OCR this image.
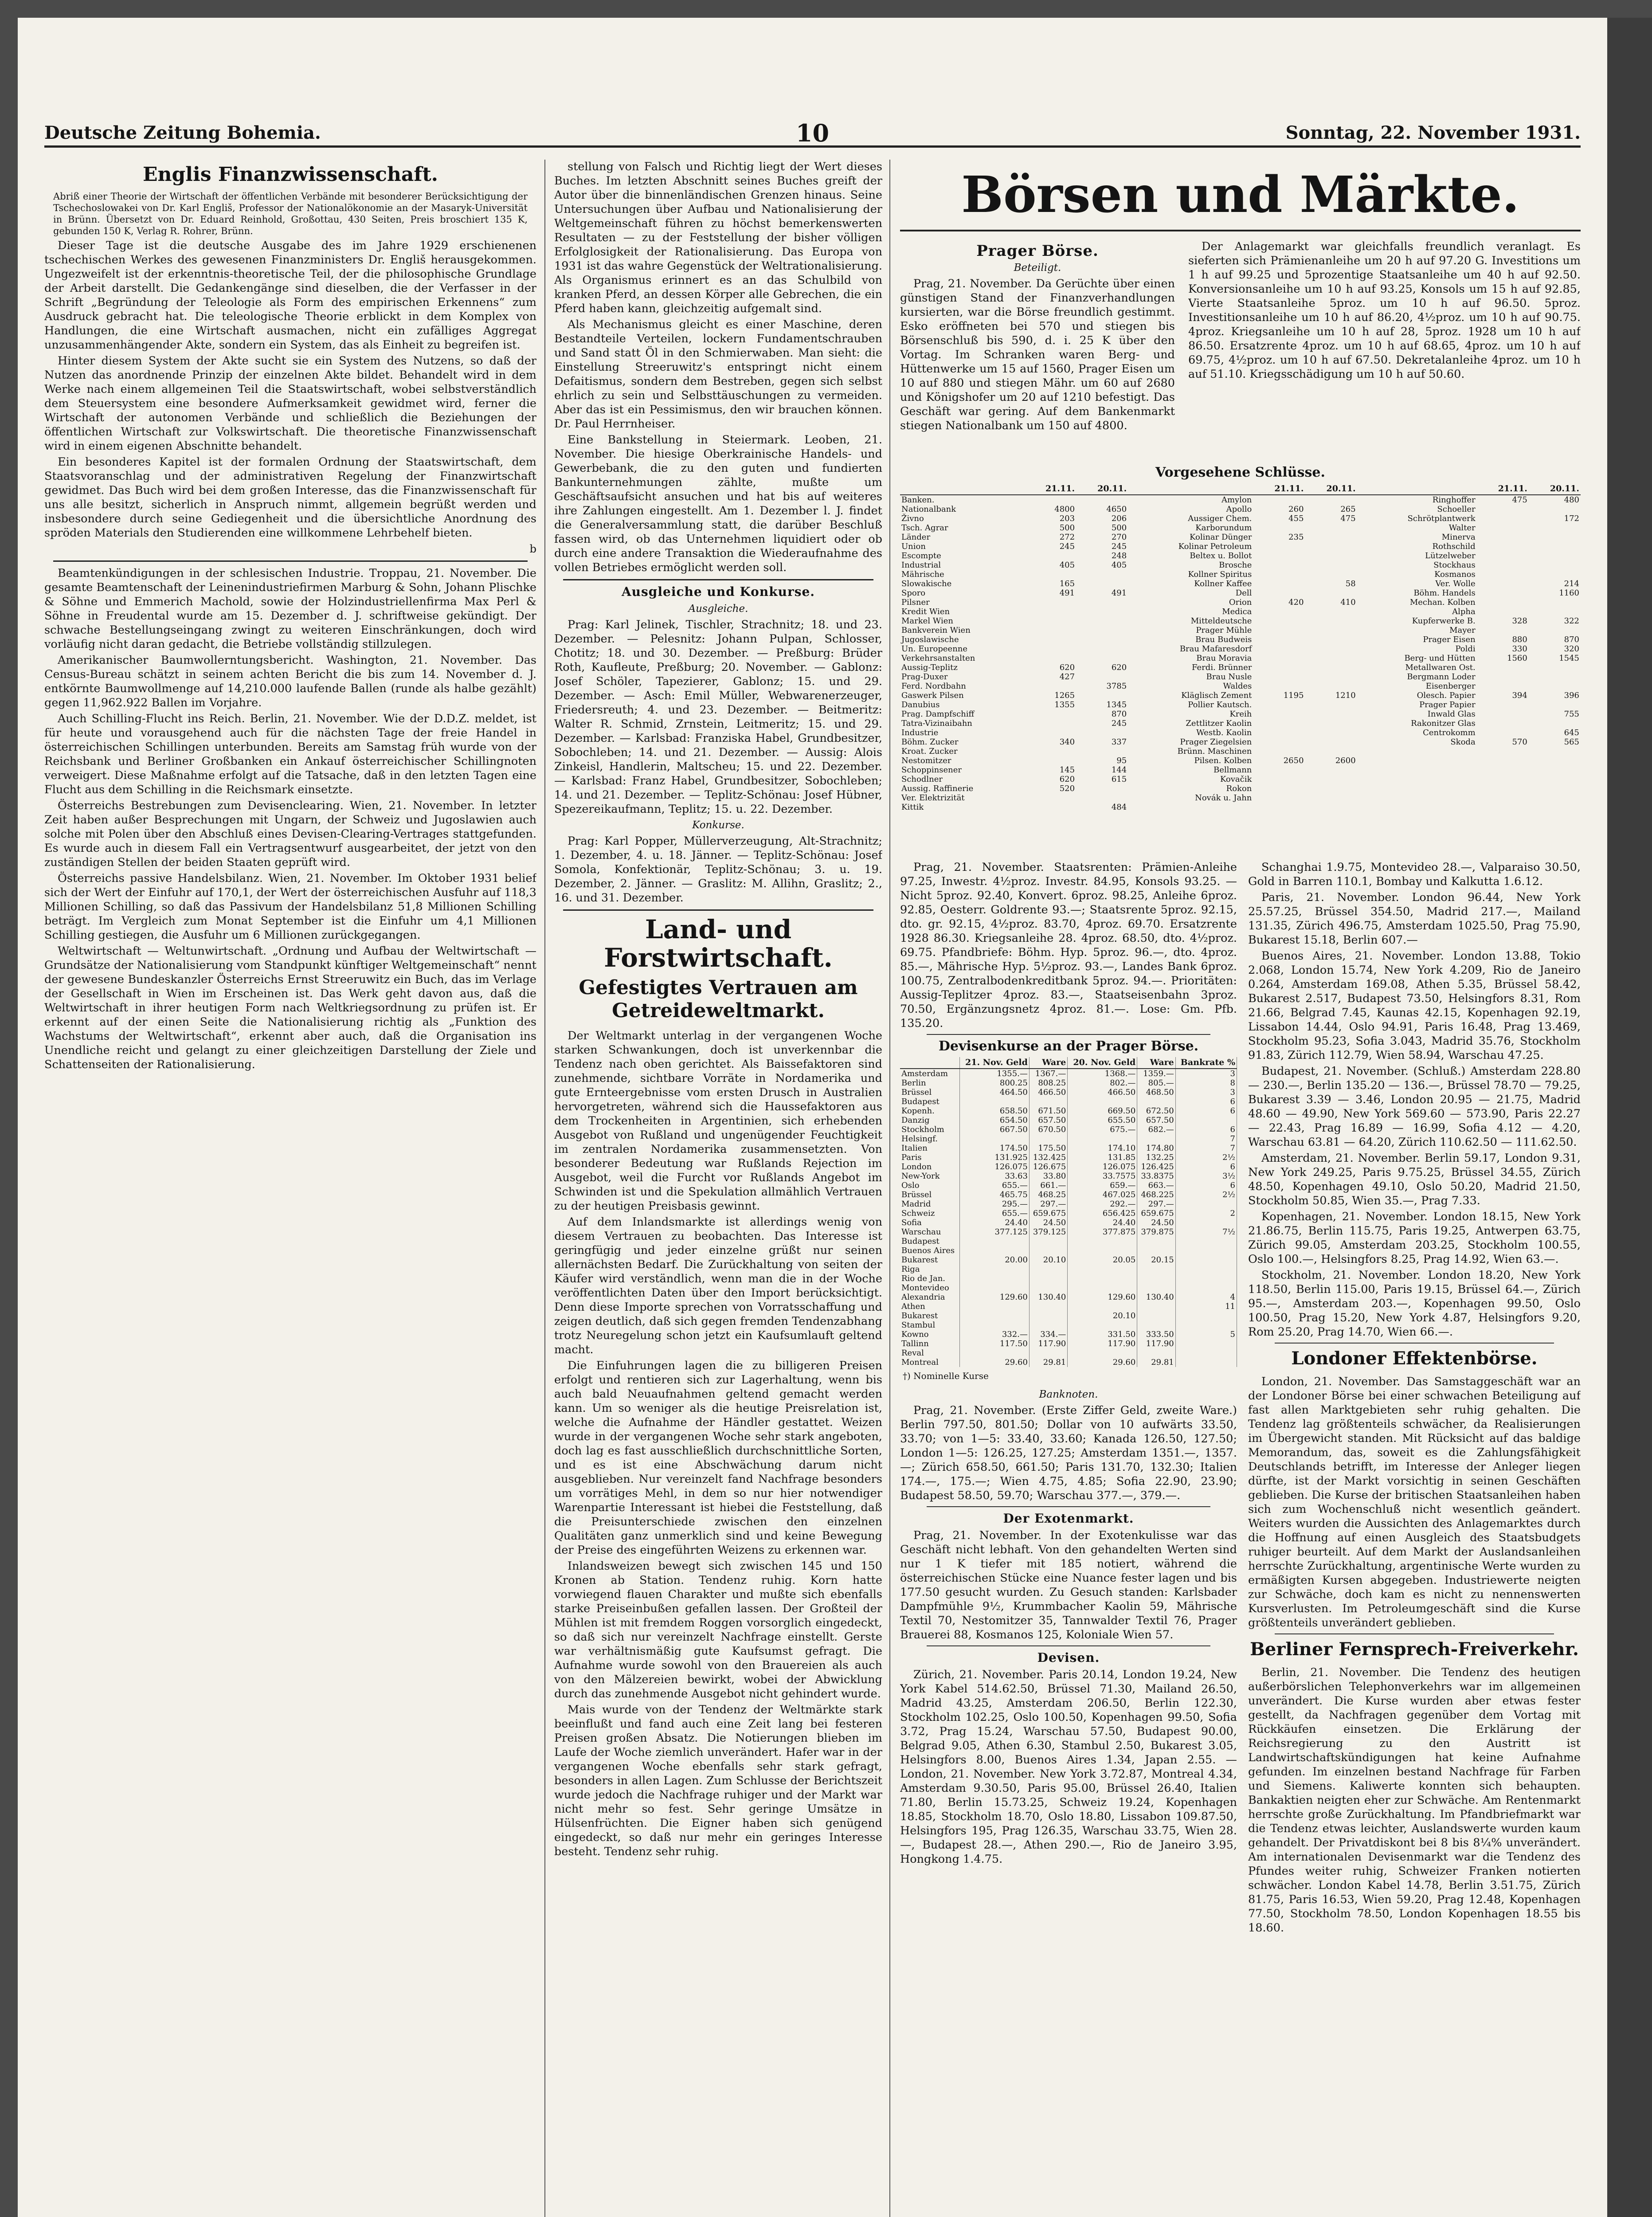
Deutsche Zeitung Bohemia.	10	Sonntag, 22. November 1931.
Englis Finanzwissenschaft.

Abriß einer Theorie der Wirtschaft der öffentlichen Verbände mit besonderer Berücksichtigung der Tschechoslowakei von Dr. Karl Engliš, Professor der Nationalökonomie an der Masaryk-Universität in Brünn. Übersetzt von Dr. Eduard Reinhold, Großottau, 430 Seiten, Preis broschiert 135 K, gebunden 150 K, Verlag R. Rohrer, Brünn.

Dieser Tage ist die deutsche Ausgabe des im Jahre 1929 erschienenen tschechischen Werkes des gewesenen Finanzministers Dr. Engliš herausgekommen. Ungezweifelt ist der erkenntnis-theoretische Teil, der die philosophische Grundlage der Arbeit darstellt. Die Gedankengänge sind dieselben, die der Verfasser in der Schrift „Begründung der Teleologie als Form des empirischen Erkennens“ zum Ausdruck gebracht hat. Die teleologische Theorie erblickt in dem Komplex von Handlungen, die eine Wirtschaft ausmachen, nicht ein zufälliges Aggregat unzusammenhängender Akte, sondern ein System, das als Einheit zu begreifen ist.

Hinter diesem System der Akte sucht sie ein System des Nutzens, so daß der Nutzen das anordnende Prinzip der einzelnen Akte bildet. Behandelt wird in dem Werke nach einem allgemeinen Teil die Staatswirtschaft, wobei selbstverständlich dem Steuersystem eine besondere Aufmerksamkeit gewidmet wird, ferner die Wirtschaft der autonomen Verbände und schließlich die Beziehungen der öffentlichen Wirtschaft zur Volkswirtschaft. Die theoretische Finanzwissenschaft wird in einem eigenen Abschnitte behandelt.

Ein besonderes Kapitel ist der formalen Ordnung der Staatswirtschaft, dem Staatsvoranschlag und der administrativen Regelung der Finanzwirtschaft gewidmet. Das Buch wird bei dem großen Interesse, das die Finanzwissenschaft für uns alle besitzt, sicherlich in Anspruch nimmt, allgemein begrüßt werden und insbesondere durch seine Gediegenheit und die übersichtliche Anordnung des spröden Materials den Studierenden eine willkommene Lehrbehelf bieten.

b

Beamtenkündigungen in der schlesischen Industrie. Troppau, 21. November. Die gesamte Beamtenschaft der Leinenindustriefirmen Marburg & Sohn, Johann Plischke & Söhne und Emmerich Machold, sowie der Holzindustriellenfirma Max Perl & Söhne in Freudental wurde am 15. Dezember d. J. schriftweise gekündigt. Der schwache Bestellungseingang zwingt zu weiteren Einschränkungen, doch wird vorläufig nicht daran gedacht, die Betriebe vollständig stillzulegen.

Amerikanischer Baumwollerntungsbericht. Washington, 21. November. Das Census-Bureau schätzt in seinem achten Bericht die bis zum 14. November d. J. entkörnte Baumwollmenge auf 14,210.000 laufende Ballen (runde als halbe gezählt) gegen 11,962.922 Ballen im Vorjahre.

Auch Schilling-Flucht ins Reich. Berlin, 21. November. Wie der D.D.Z. meldet, ist für heute und vorausgehend auch für die nächsten Tage der freie Handel in österreichischen Schillingen unterbunden. Bereits am Samstag früh wurde von der Reichsbank und Berliner Großbanken ein Ankauf österreichischer Schillingnoten verweigert. Diese Maßnahme erfolgt auf die Tatsache, daß in den letzten Tagen eine Flucht aus dem Schilling in die Reichsmark einsetzte.

Österreichs Bestrebungen zum Devisenclearing. Wien, 21. November. In letzter Zeit haben außer Besprechungen mit Ungarn, der Schweiz und Jugoslawien auch solche mit Polen über den Abschluß eines Devisen-Clearing-Vertrages stattgefunden. Es wurde auch in diesem Fall ein Vertragsentwurf ausgearbeitet, der jetzt von den zuständigen Stellen der beiden Staaten geprüft wird.

Österreichs passive Handelsbilanz. Wien, 21. November. Im Oktober 1931 belief sich der Wert der Einfuhr auf 170,1, der Wert der österreichischen Ausfuhr auf 118,3 Millionen Schilling, so daß das Passivum der Handelsbilanz 51,8 Millionen Schilling beträgt. Im Vergleich zum Monat September ist die Einfuhr um 4,1 Millionen Schilling gestiegen, die Ausfuhr um 6 Millionen zurückgegangen.

Weltwirtschaft — Weltunwirtschaft. „Ordnung und Aufbau der Weltwirtschaft — Grundsätze der Nationalisierung vom Standpunkt künftiger Weltgemeinschaft“ nennt der gewesene Bundeskanzler Österreichs Ernst Streeruwitz ein Buch, das im Verlage der Gesellschaft in Wien im Erscheinen ist. Das Werk geht davon aus, daß die Weltwirtschaft in ihrer heutigen Form nach Weltkriegsordnung zu prüfen ist. Er erkennt auf der einen Seite die Nationalisierung richtig als „Funktion des Wachstums der Weltwirtschaft“, erkennt aber auch, daß die Organisation ins Unendliche reicht und gelangt zu einer gleichzeitigen Darstellung der Ziele und Schattenseiten der Rationalisierung.

stellung von Falsch und Richtig liegt der Wert dieses Buches. Im letzten Abschnitt seines Buches greift der Autor über die binnenländischen Grenzen hinaus. Seine Untersuchungen über Aufbau und Nationalisierung der Weltgemeinschaft führen zu höchst bemerkenswerten Resultaten — zu der Feststellung der bisher völligen Erfolglosigkeit der Rationalisierung. Das Europa von 1931 ist das wahre Gegenstück der Weltrationalisierung. Als Organismus erinnert es an das Schulbild von kranken Pferd, an dessen Körper alle Gebrechen, die ein Pferd haben kann, gleichzeitig aufgemalt sind.

Als Mechanismus gleicht es einer Maschine, deren Bestandteile Verteilen, lockern Fundamentschrauben und Sand statt Öl in den Schmierwaben. Man sieht: die Einstellung Streeruwitz's entspringt nicht einem Defaitismus, sondern dem Bestreben, gegen sich selbst ehrlich zu sein und Selbsttäuschungen zu vermeiden. Aber das ist ein Pessimismus, den wir brauchen können. Dr. Paul Herrnheiser.

Eine Bankstellung in Steiermark. Leoben, 21. November. Die hiesige Oberkrainische Handels- und Gewerbebank, die zu den guten und fundierten Bankunternehmungen zählte, mußte um Geschäftsaufsicht ansuchen und hat bis auf weiteres ihre Zahlungen eingestellt. Am 1. Dezember l. J. findet die Generalversammlung statt, die darüber Beschluß fassen wird, ob das Unternehmen liquidiert oder ob durch eine andere Transaktion die Wiederaufnahme des vollen Betriebes ermöglicht werden soll.

Ausgleiche und Konkurse.
Ausgleiche.

Prag: Karl Jelinek, Tischler, Strachnitz; 18. und 23. Dezember. — Pelesnitz: Johann Pulpan, Schlosser, Chotitz; 18. und 30. Dezember. — Preßburg: Brüder Roth, Kaufleute, Preßburg; 20. November. — Gablonz: Josef Schöler, Tapezierer, Gablonz; 15. und 29. Dezember. — Asch: Emil Müller, Webwarenerzeuger, Friedersreuth; 4. und 23. Dezember. — Beitmeritz: Walter R. Schmid, Zrnstein, Leitmeritz; 15. und 29. Dezember. — Karlsbad: Franziska Habel, Grundbesitzer, Sobochleben; 14. und 21. Dezember. — Aussig: Alois Zinkeisl, Handlerin, Maltscheu; 15. und 22. Dezember. — Karlsbad: Franz Habel, Grundbesitzer, Sobochleben; 14. und 21. Dezember. — Teplitz-Schönau: Josef Hübner, Spezereikaufmann, Teplitz; 15. u. 22. Dezember.

Konkurse.

Prag: Karl Popper, Müllerverzeugung, Alt-Strachnitz; 1. Dezember, 4. u. 18. Jänner. — Teplitz-Schönau: Josef Somola, Konfektionär, Teplitz-Schönau; 3. u. 19. Dezember, 2. Jänner. — Graslitz: M. Allihn, Graslitz; 2., 16. und 31. Dezember.

Land- und Forstwirtschaft.
Gefestigtes Vertrauen am Getreideweltmarkt.

Der Weltmarkt unterlag in der vergangenen Woche starken Schwankungen, doch ist unverkennbar die Tendenz nach oben gerichtet. Als Baissefaktoren sind zunehmende, sichtbare Vorräte in Nordamerika und gute Ernteergebnisse vom ersten Drusch in Australien hervorgetreten, während sich die Haussefaktoren aus dem Trockenheiten in Argentinien, sich erhebenden Ausgebot von Rußland und ungenügender Feuchtigkeit im zentralen Nordamerika zusammensetzten. Von besonderer Bedeutung war Rußlands Rejection im Ausgebot, weil die Furcht vor Rußlands Angebot im Schwinden ist und die Spekulation allmählich Vertrauen zu der heutigen Preisbasis gewinnt.

Auf dem Inlandsmarkte ist allerdings wenig von diesem Vertrauen zu beobachten. Das Interesse ist geringfügig und jeder einzelne grüßt nur seinen allernächsten Bedarf. Die Zurückhaltung von seiten der Käufer wird verständlich, wenn man die in der Woche veröffentlichten Daten über den Import berücksichtigt. Denn diese Importe sprechen von Vorratsschaffung und zeigen deutlich, daß sich gegen fremden Tendenzabhang trotz Neuregelung schon jetzt ein Kaufsumlauft geltend macht.

Die Einfuhrungen lagen die zu billigeren Preisen erfolgt und rentieren sich zur Lagerhaltung, wenn bis auch bald Neuaufnahmen geltend gemacht werden kann. Um so weniger als die heutige Preisrelation ist, welche die Aufnahme der Händler gestattet. Weizen wurde in der vergangenen Woche sehr stark angeboten, doch lag es fast ausschließlich durchschnittliche Sorten, und es ist eine Abschwächung darum nicht ausgeblieben. Nur vereinzelt fand Nachfrage besonders um vorrätiges Mehl, in dem so nur hier notwendiger Warenpartie Interessant ist hiebei die Feststellung, daß die Preisunterschiede zwischen den einzelnen Qualitäten ganz unmerklich sind und keine Bewegung der Preise des eingeführten Weizens zu erkennen war.

Inlandsweizen bewegt sich zwischen 145 und 150 Kronen ab Station. Tendenz ruhig. Korn hatte vorwiegend flauen Charakter und mußte sich ebenfalls starke Preiseinbußen gefallen lassen. Der Großteil der Mühlen ist mit fremdem Roggen vorsorglich eingedeckt, so daß sich nur vereinzelt Nachfrage einstellt. Gerste war verhältnismäßig gute Kaufsumst gefragt. Die Aufnahme wurde sowohl von den Brauereien als auch von den Mälzereien bewirkt, wobei der Abwicklung durch das zunehmende Ausgebot nicht gehindert wurde.

Mais wurde von der Tendenz der Weltmärkte stark beeinflußt und fand auch eine Zeit lang bei festeren Preisen großen Absatz. Die Notierungen blieben im Laufe der Woche ziemlich unverändert. Hafer war in der vergangenen Woche ebenfalls sehr stark gefragt, besonders in allen Lagen. Zum Schlusse der Berichtszeit wurde jedoch die Nachfrage ruhiger und der Markt war nicht mehr so fest. Sehr geringe Umsätze in Hülsenfrüchten. Die Eigner haben sich genügend eingedeckt, so daß nur mehr ein geringes Interesse besteht. Tendenz sehr ruhig.

Börsen und Märkte.
Prager Börse.
Beteiligt.

Prag, 21. November. Da Gerüchte über einen günstigen Stand der Finanzverhandlungen kursierten, war die Börse freundlich gestimmt. Esko eröffneten bei 570 und stiegen bis Börsenschluß bis 590, d. i. 25 K über den Vortag. Im Schranken waren Berg- und Hüttenwerke um 15 auf 1560, Prager Eisen um 10 auf 880 und stiegen Mähr. um 60 auf 2680 und Königshofer um 20 auf 1210 befestigt. Das Geschäft war gering. Auf dem Bankenmarkt stiegen Nationalbank um 150 auf 4800.

Der Anlagemarkt war gleichfalls freundlich veranlagt. Es sieferten sich Prämienanleihe um 20 h auf 97.20 G. Investitions um 1 h auf 99.25 und 5prozentige Staatsanleihe um 40 h auf 92.50. Konversionsanleihe um 10 h auf 93.25, Konsols um 15 h auf 92.85, Vierte Staatsanleihe 5proz. um 10 h auf 96.50. 5proz. Investitionsanleihe um 10 h auf 86.20, 4½proz. um 10 h auf 90.75. 4proz. Kriegsanleihe um 10 h auf 28, 5proz. 1928 um 10 h auf 86.50. Ersatzrente 4proz. um 10 h auf 68.65, 4proz. um 10 h auf 69.75, 4½proz. um 10 h auf 67.50. Dekretalanleihe 4proz. um 10 h auf 51.10. Kriegsschädigung um 10 h auf 50.60.

Vorgesehene Schlüsse.
	21.11.	20.11.		21.11.	20.11.		21.11.	20.11.
Banken.			Amylon			Ringhoffer	475	480
Nationalbank	4800	4650	Apollo	260	265	Schoeller		
Živno	203	206	Aussiger Chem.	455	475	Schrötplantwerk		172
Tsch. Agrar	500	500	Karborundum			Walter		
Länder	272	270	Kolinar Dünger	235		Minerva		
Union	245	245	Kolinar Petroleum			Rothschild		
Escompte		248	Beltex u. Bollot			Lützelweber		
Industrial	405	405	Brosche			Stockhaus		
Mährische			Kollner Spiritus			Kosmanos		
Slowakische	165		Kollner Kaffee		58	Ver. Wolle		214
Sporo	491	491	Dell			Böhm. Handels		1160
Pilsner			Orion	420	410	Mechan. Kolben		
Kredit Wien			Medica			Alpha		
Markel Wien			Mitteldeutsche			Kupferwerke B.	328	322
Bankverein Wien			Prager Mühle			Mayer		
Jugoslawische			Brau Budweis			Prager Eisen	880	870
Un. Europeenne			Brau Mafaresdorf			Poldi	330	320
Verkehrsanstalten			Brau Moravia			Berg- und Hütten	1560	1545
Aussig-Teplitz	620	620	Ferdi. Brünner			Metallwaren Ost.		
Prag-Duxer	427		Brau Nusle			Bergmann Loder		
Ferd. Nordbahn		3785	Waldes			Eisenberger		
Gaswerk Pilsen	1265		Kläglisch Zement	1195	1210	Olesch. Papier	394	396
Danubius	1355	1345	Pollier Kautsch.			Prager Papier		
Prag. Dampfschiff		870	Kreih			Inwald Glas		755
Tatra-Vizinaibahn		245	Zettlitzer Kaolin			Rakonitzer Glas		
Industrie			Westb. Kaolin			Centrokomm		645
Böhm. Zucker	340	337	Prager Ziegelsien			Skoda	570	565
Kroat. Zucker			Brünn. Maschinen					
Nestomitzer		95	Pilsen. Kolben	2650	2600			
Schoppinsener	145	144	Bellmann					
Schodlner	620	615	Kovačik					
Aussig. Raffinerie	520		Rokon					
Ver. Elektrizität			Novák u. Jahn					
Kittik		484						

Prag, 21. November. Staatsrenten: Prämien-Anleihe 97.25, Inwestr. 4½proz. Investr. 84.95, Konsols 93.25. — Nicht 5proz. 92.40, Konvert. 6proz. 98.25, Anleihe 6proz. 92.85, Oesterr. Goldrente 93.—; Staatsrente 5proz. 92.15, dto. gr. 92.15, 4½proz. 83.70, 4proz. 69.70. Ersatzrente 1928 86.30. Kriegsanleihe 28. 4proz. 68.50, dto. 4½proz. 69.75. Pfandbriefe: Böhm. Hyp. 5proz. 96.—, dto. 4proz. 85.—, Mährische Hyp. 5½proz. 93.—, Landes Bank 6proz. 100.75, Zentralbodenkreditbank 5proz. 94.—. Prioritäten: Aussig-Teplitzer 4proz. 83.—, Staatseisenbahn 3proz. 70.50, Ergänzungsnetz 4proz. 81.—. Lose: Gm. Pfb. 135.20.

Devisenkurse an der Prager Börse.
	21. Nov. Geld	Ware	20. Nov. Geld	Ware	Bankrate %
Amsterdam	1355.—	1367.—	1368.—	1359.—	3
Berlin	800.25	808.25	802.—	805.—	8
Brüssel	464.50	466.50	466.50	468.50	3
Budapest					6
Kopenh.	658.50	671.50	669.50	672.50	6
Danzig	654.50	657.50	655.50	657.50	
Stockholm	667.50	670.50	675.—	682.—	6
Helsingf.					7
Italien	174.50	175.50	174.10	174.80	7
Paris	131.925	132.425	131.85	132.25	2½
London	126.075	126.675	126.075	126.425	6
New-York	33.63	33.80	33.7575	33.8375	3½
Oslo	655.—	661.—	659.—	663.—	6
Brüssel	465.75	468.25	467.025	468.225	2½
Madrid	295.—	297.—	292.—	297.—	
Schweiz	655.—	659.675	656.425	659.675	2
Sofia	24.40	24.50	24.40	24.50	
Warschau	377.125	379.125	377.875	379.875	7½
Budapest					
Buenos Aires					
Bukarest	20.00	20.10	20.05	20.15	
Riga					
Rio de Jan.					
Montevideo					
Alexandria	129.60	130.40	129.60	130.40	4
Athen					11
Bukarest			20.10		
Stambul					
Kowno	332.—	334.—	331.50	333.50	5
Tallinn	117.50	117.90	117.90	117.90	
Reval					
Montreal	29.60	29.81	29.60	29.81	
†) Nominelle Kurse
Banknoten.

Prag, 21. November. (Erste Ziffer Geld, zweite Ware.) Berlin 797.50, 801.50; Dollar von 10 aufwärts 33.50, 33.70; von 1—5: 33.40, 33.60; Kanada 126.50, 127.50; London 1—5: 126.25, 127.25; Amsterdam 1351.—, 1357.—; Zürich 658.50, 661.50; Paris 131.70, 132.30; Italien 174.—, 175.—; Wien 4.75, 4.85; Sofia 22.90, 23.90; Budapest 58.50, 59.70; Warschau 377.—, 379.—.

Der Exotenmarkt.

Prag, 21. November. In der Exotenkulisse war das Geschäft nicht lebhaft. Von den gehandelten Werten sind nur 1 K tiefer mit 185 notiert, während die österreichischen Stücke eine Nuance fester lagen und bis 177.50 gesucht wurden. Zu Gesuch standen: Karlsbader Dampfmühle 9½, Krummbacher Kaolin 59, Mährische Textil 70, Nestomitzer 35, Tannwalder Textil 76, Prager Brauerei 88, Kosmanos 125, Koloniale Wien 57.

Devisen.

Zürich, 21. November. Paris 20.14, London 19.24, New York Kabel 514.62.50, Brüssel 71.30, Mailand 26.50, Madrid 43.25, Amsterdam 206.50, Berlin 122.30, Stockholm 102.25, Oslo 100.50, Kopenhagen 99.50, Sofia 3.72, Prag 15.24, Warschau 57.50, Budapest 90.00, Belgrad 9.05, Athen 6.30, Stambul 2.50, Bukarest 3.05, Helsingfors 8.00, Buenos Aires 1.34, Japan 2.55. — London, 21. November. New York 3.72.87, Montreal 4.34, Amsterdam 9.30.50, Paris 95.00, Brüssel 26.40, Italien 71.80, Berlin 15.73.25, Schweiz 19.24, Kopenhagen 18.85, Stockholm 18.70, Oslo 18.80, Lissabon 109.87.50, Helsingfors 195, Prag 126.35, Warschau 33.75, Wien 28.—, Budapest 28.—, Athen 290.—, Rio de Janeiro 3.95, Hongkong 1.4.75.

Schanghai 1.9.75, Montevideo 28.—, Valparaiso 30.50, Gold in Barren 110.1, Bombay und Kalkutta 1.6.12.

Paris, 21. November. London 96.44, New York 25.57.25, Brüssel 354.50, Madrid 217.—, Mailand 131.35, Zürich 496.75, Amsterdam 1025.50, Prag 75.90, Bukarest 15.18, Berlin 607.—

Buenos Aires, 21. November. London 13.88, Tokio 2.068, London 15.74, New York 4.209, Rio de Janeiro 0.264, Amsterdam 169.08, Athen 5.35, Brüssel 58.42, Bukarest 2.517, Budapest 73.50, Helsingfors 8.31, Rom 21.66, Belgrad 7.45, Kaunas 42.15, Kopenhagen 92.19, Lissabon 14.44, Oslo 94.91, Paris 16.48, Prag 13.469, Stockholm 95.23, Sofia 3.043, Madrid 35.76, Stockholm 91.83, Zürich 112.79, Wien 58.94, Warschau 47.25.

Budapest, 21. November. (Schluß.) Amsterdam 228.80 — 230.—, Berlin 135.20 — 136.—, Brüssel 78.70 — 79.25, Bukarest 3.39 — 3.46, London 20.95 — 21.75, Madrid 48.60 — 49.90, New York 569.60 — 573.90, Paris 22.27 — 22.43, Prag 16.89 — 16.99, Sofia 4.12 — 4.20, Warschau 63.81 — 64.20, Zürich 110.62.50 — 111.62.50.

Amsterdam, 21. November. Berlin 59.17, London 9.31, New York 249.25, Paris 9.75.25, Brüssel 34.55, Zürich 48.50, Kopenhagen 49.10, Oslo 50.20, Madrid 21.50, Stockholm 50.85, Wien 35.—, Prag 7.33.

Kopenhagen, 21. November. London 18.15, New York 21.86.75, Berlin 115.75, Paris 19.25, Antwerpen 63.75, Zürich 99.05, Amsterdam 203.25, Stockholm 100.55, Oslo 100.—, Helsingfors 8.25, Prag 14.92, Wien 63.—.

Stockholm, 21. November. London 18.20, New York 118.50, Berlin 115.00, Paris 19.15, Brüssel 64.—, Zürich 95.—, Amsterdam 203.—, Kopenhagen 99.50, Oslo 100.50, Prag 15.20, New York 4.87, Helsingfors 9.20, Rom 25.20, Prag 14.70, Wien 66.—.

Londoner Effektenbörse.

London, 21. November. Das Samstaggeschäft war an der Londoner Börse bei einer schwachen Beteiligung auf fast allen Marktgebieten sehr ruhig gehalten. Die Tendenz lag größtenteils schwächer, da Realisierungen im Übergewicht standen. Mit Rücksicht auf das baldige Memorandum, das, soweit es die Zahlungsfähigkeit Deutschlands betrifft, im Interesse der Anleger liegen dürfte, ist der Markt vorsichtig in seinen Geschäften geblieben. Die Kurse der britischen Staatsanleihen haben sich zum Wochenschluß nicht wesentlich geändert. Weiters wurden die Aussichten des Anlagemarktes durch die Hoffnung auf einen Ausgleich des Staatsbudgets ruhiger beurteilt. Auf dem Markt der Auslandsanleihen herrschte Zurückhaltung, argentinische Werte wurden zu ermäßigten Kursen abgegeben. Industriewerte neigten zur Schwäche, doch kam es nicht zu nennenswerten Kursverlusten. Im Petroleumgeschäft sind die Kurse größtenteils unverändert geblieben.

Berliner Fernsprech-Freiverkehr.

Berlin, 21. November. Die Tendenz des heutigen außerbörslichen Telephonverkehrs war im allgemeinen unverändert. Die Kurse wurden aber etwas fester gestellt, da Nachfragen gegenüber dem Vortag mit Rückkäufen einsetzen. Die Erklärung der Reichsregierung zu den Austritt ist Landwirtschaftskündigungen hat keine Aufnahme gefunden. Im einzelnen bestand Nachfrage für Farben und Siemens. Kaliwerte konnten sich behaupten. Bankaktien neigten eher zur Schwäche. Am Rentenmarkt herrschte große Zurückhaltung. Im Pfandbriefmarkt war die Tendenz etwas leichter, Auslandswerte wurden kaum gehandelt. Der Privatdiskont bei 8 bis 8¼% unverändert. Am internationalen Devisenmarkt war die Tendenz des Pfundes weiter ruhig, Schweizer Franken notierten schwächer. London Kabel 14.78, Berlin 3.51.75, Zürich 81.75, Paris 16.53, Wien 59.20, Prag 12.48, Kopenhagen 77.50, Stockholm 78.50, London Kopenhagen 18.55 bis 18.60.
